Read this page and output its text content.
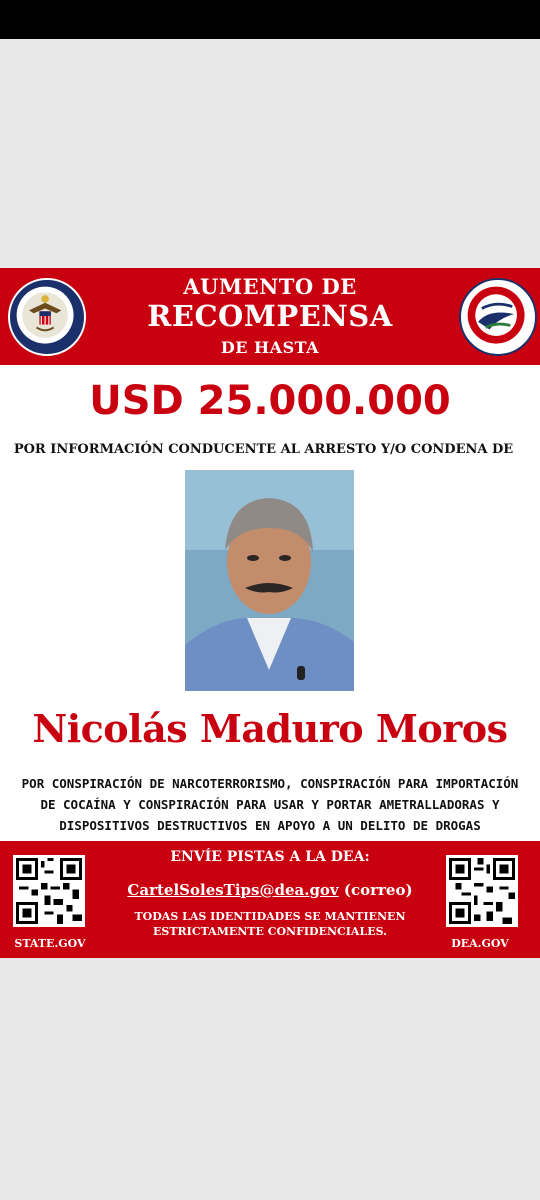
AUMENTO DE
RECOMPENSA
DE HASTA
USD 25.000.000
POR INFORMACIÓN CONDUCENTE AL ARRESTO Y/O CONDENA DE
Nicolás Maduro Moros
POR CONSPIRACIÓN DE NARCOTERRORISMO, CONSPIRACIÓN PARA IMPORTACIÓN
DE COCAÍNA Y CONSPIRACIÓN PARA USAR Y PORTAR AMETRALLADORAS Y
DISPOSITIVOS DESTRUCTIVOS EN APOYO A UN DELITO DE DROGAS
STATE.GOV
ENVÍE PISTAS A LA DEA:
CartelSolesTips@dea.gov (correo)
TODAS LAS IDENTIDADES SE MANTIENEN
ESTRICTAMENTE CONFIDENCIALES.
DEA.GOV
